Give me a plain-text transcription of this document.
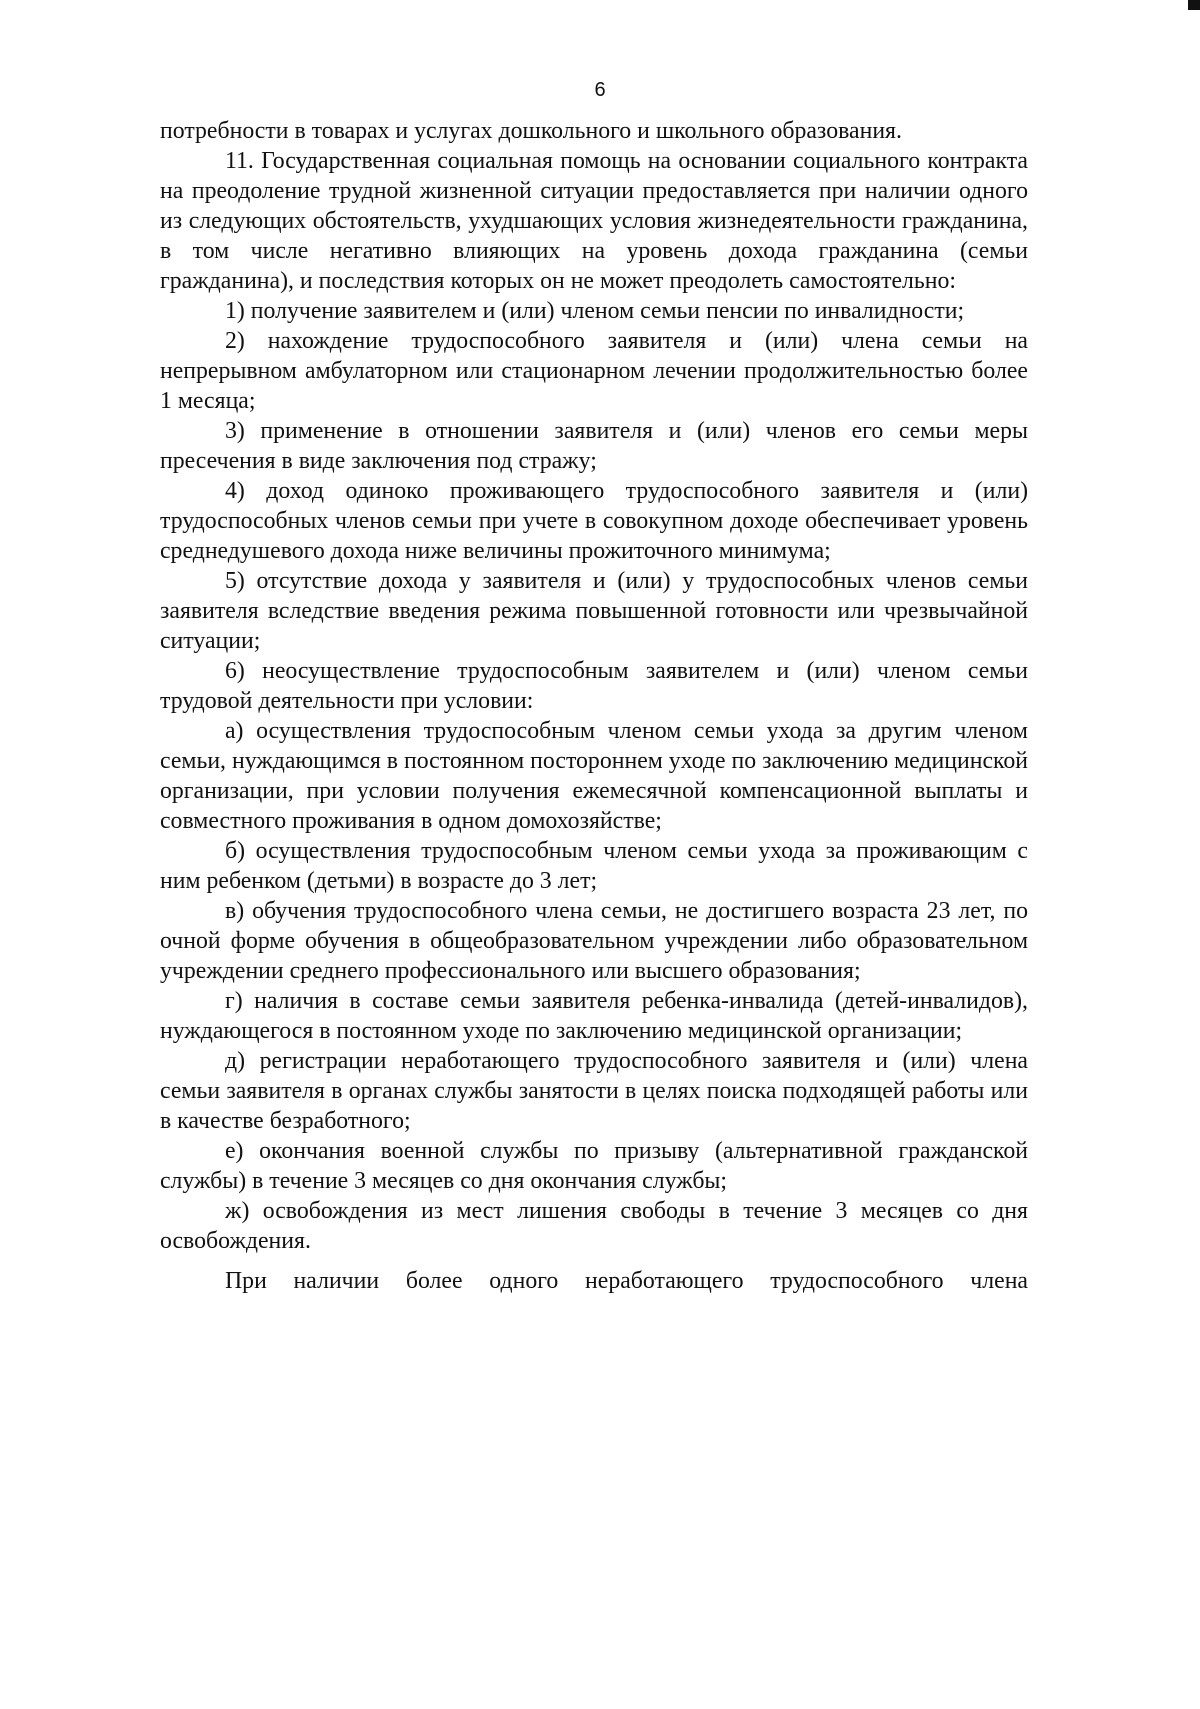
6

потребности в товарах и услугах дошкольного и школьного образования.

11. Государственная социальная помощь на основании социального контракта на преодоление трудной жизненной ситуации предоставляется при наличии одного из следующих обстоятельств, ухудшающих условия жизнедеятельности гражданина, в том числе негативно влияющих на уровень дохода гражданина (семьи гражданина), и последствия которых он не может преодолеть самостоятельно:

1) получение заявителем и (или) членом семьи пенсии по инвалидности;

2) нахождение трудоспособного заявителя и (или) члена семьи на непрерывном амбулаторном или стационарном лечении продолжительностью более 1 месяца;

3) применение в отношении заявителя и (или) членов его семьи меры пресечения в виде заключения под стражу;

4) доход одиноко проживающего трудоспособного заявителя и (или) трудоспособных членов семьи при учете в совокупном доходе обеспечивает уровень среднедушевого дохода ниже величины прожиточного минимума;

5) отсутствие дохода у заявителя и (или) у трудоспособных членов семьи заявителя вследствие введения режима повышенной готовности или чрезвычайной ситуации;

6) неосуществление трудоспособным заявителем и (или) членом семьи трудовой деятельности при условии:

а) осуществления трудоспособным членом семьи ухода за другим членом семьи, нуждающимся в постоянном постороннем уходе по заключению медицинской организации, при условии получения ежемесячной компенсационной выплаты и совместного проживания в одном домохозяйстве;

б) осуществления трудоспособным членом семьи ухода за проживающим с ним ребенком (детьми) в возрасте до 3 лет;

в) обучения трудоспособного члена семьи, не достигшего возраста 23 лет, по очной форме обучения в общеобразовательном учреждении либо образовательном учреждении среднего профессионального или высшего образования;

г) наличия в составе семьи заявителя ребенка-инвалида (детей-инвалидов), нуждающегося в постоянном уходе по заключению медицинской организации;

д) регистрации неработающего трудоспособного заявителя и (или) члена семьи заявителя в органах службы занятости в целях поиска подходящей работы или в качестве безработного;

е) окончания военной службы по призыву (альтернативной гражданской службы) в течение 3 месяцев со дня окончания службы;

ж) освобождения из мест лишения свободы в течение 3 месяцев со дня освобождения.

При наличии более одного неработающего трудоспособного члена
